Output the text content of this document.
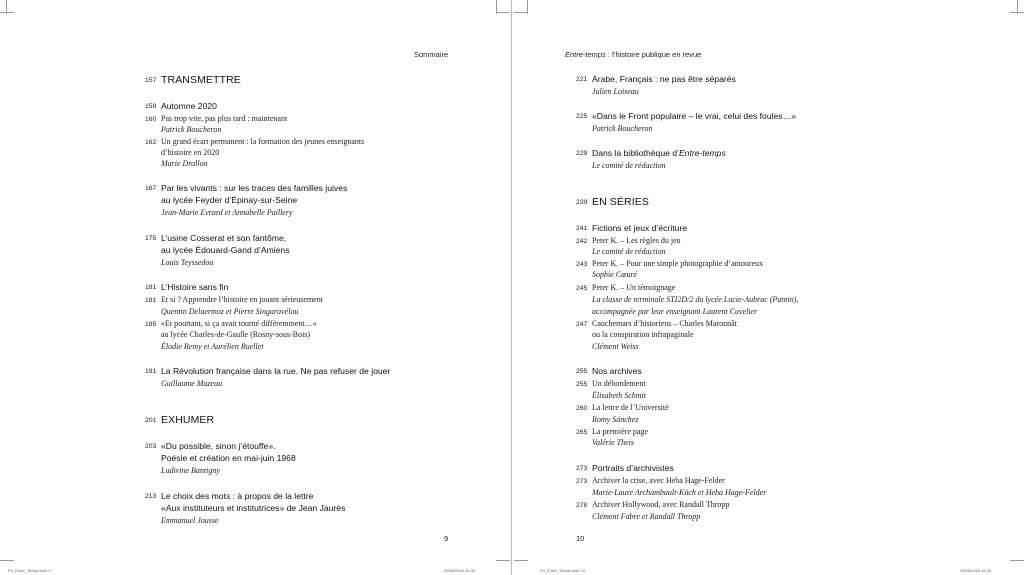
Sommaire
157 TRANSMETTRE
159 Automne 2020
160 Pas trop vite, pas plus tard : maintenant
Patrick Boucheron
162 Un grand écart permanent : la formation des jeunes enseignants
d’histoire en 2020
Marie Drollon
167 Par les vivants : sur les traces des familles juives
au lycée Feyder d’Épinay-sur-Seine
Jean-Marie Evrard et Annabelle Paillery
175 L’usine Cosserat et son fantôme,
au lycée Édouard-Gand d’Amiens
Louis Teyssedou
181 L’Histoire sans fin
181 Et si ? Apprendre l’histoire en jouant sérieusement
Quentin Deluermoz et Pierre Singaravélou
185 «Et pourtant, si ça avait tourné différemment…»
au lycée Charles-de-Gaulle (Rosny-sous-Bois)
Élodie Remy et Aurélien Ruellet
191 La Révolution française dans la rue. Ne pas refuser de jouer
Guillaume Mazeau
201 EXHUMER
203 «Du possible, sinon j’étouffe».
Poésie et création en mai-juin 1968
Ludivine Bantigny
213 Le choix des mots : à propos de la lettre
«Aux instituteurs et institutrices» de Jean Jaurès
Emmanuel Jousse
9
P3_Entre_Temps.indd 9	09/08/2025 15:33
Entre-temps : l’histoire publique en revue
221 Arabe, Français : ne pas être séparés
Julien Loiseau
225 «Dans le Front populaire – le vrai, celui des foules…»
Patrick Boucheron
229 Dans la bibliothèque d’Entre-temps
Le comité de rédaction
239 EN SÉRIES
241 Fictions et jeux d’écriture
242 Peter K. – Les règles du jeu
Le comité de rédaction
243 Peter K. – Pour une simple photographie d’amoureux
Sophie Cœuré
245 Peter K. – Un témoignage
La classe de terminale STI2D/2 du lycée Lucie-Aubrac (Pantin),
accompagnée par leur enseignant Laurent Cuvelier
247 Cauchemars d’historiens – Charles Maronnât
ou la conspiration infrapaginale
Clément Weiss
255 Nos archives
255 Un débordement
Élisabeth Schmit
260 La lettre de l’Université
Romy Sánchez
265 La première page
Valérie Theis
273 Portraits d’archivistes
273 Archiver la crise, avec Heba Hage-Felder
Marie-Laure Archambault-Küch et Heba Hage-Felder
278 Archiver Hollywood, avec Randall Thropp
Clément Fabre et Randall Thropp
10
P3_Entre_Temps.indd 10	09/08/2025 15:33
